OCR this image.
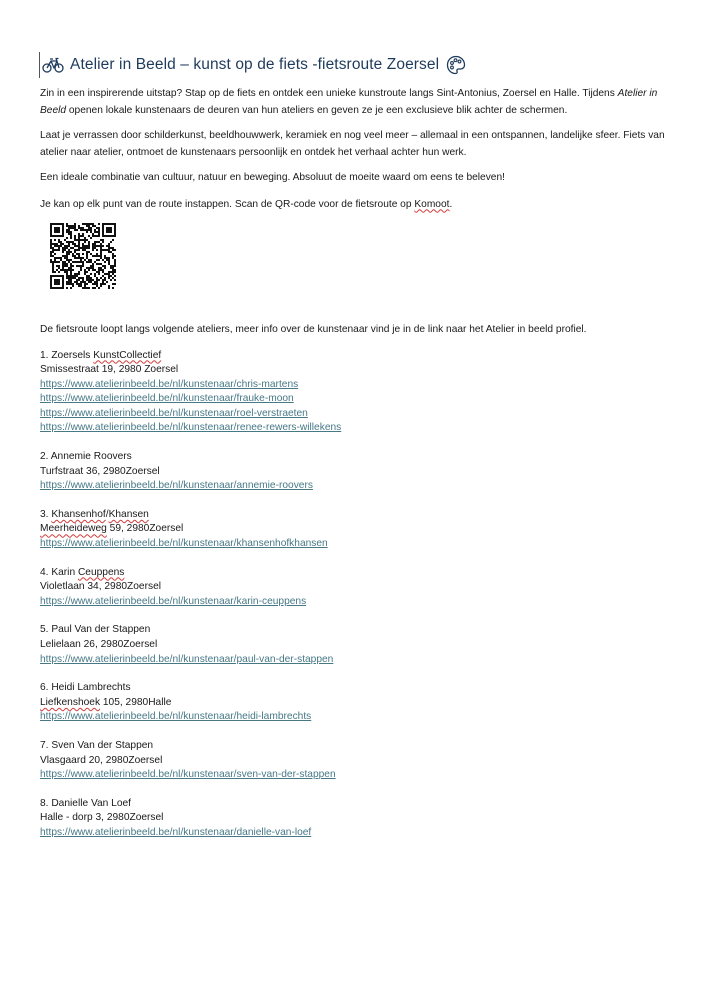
Atelier in Beeld – kunst op de fiets -fietsroute Zoersel

Zin in een inspirerende uitstap? Stap op de fiets en ontdek een unieke kunstroute langs Sint-Antonius, Zoersel en Halle. Tijdens Atelier in Beeld openen lokale kunstenaars de deuren van hun ateliers en geven ze je een exclusieve blik achter de schermen.

Laat je verrassen door schilderkunst, beeldhouwwerk, keramiek en nog veel meer – allemaal in een ontspannen, landelijke sfeer. Fiets van atelier naar atelier, ontmoet de kunstenaars persoonlijk en ontdek het verhaal achter hun werk.

Een ideale combinatie van cultuur, natuur en beweging. Absoluut de moeite waard om eens te beleven!

Je kan op elk punt van de route instappen. Scan de QR-code voor de fietsroute op Komoot.

De fietsroute loopt langs volgende ateliers, meer info over de kunstenaar vind je in de link naar het Atelier in beeld profiel.

1. Zoersels KunstCollectief
Smissestraat 19, 2980 Zoersel
https://www.atelierinbeeld.be/nl/kunstenaar/chris-martens
https://www.atelierinbeeld.be/nl/kunstenaar/frauke-moon
https://www.atelierinbeeld.be/nl/kunstenaar/roel-verstraeten
https://www.atelierinbeeld.be/nl/kunstenaar/renee-rewers-willekens
2. Annemie Roovers
Turfstraat 36, 2980Zoersel
https://www.atelierinbeeld.be/nl/kunstenaar/annemie-roovers
3. Khansenhof/Khansen
Meerheideweg 59, 2980Zoersel
https://www.atelierinbeeld.be/nl/kunstenaar/khansenhofkhansen
4. Karin Ceuppens
Violetlaan 34, 2980Zoersel
https://www.atelierinbeeld.be/nl/kunstenaar/karin-ceuppens
5. Paul Van der Stappen
Lelielaan 26, 2980Zoersel
https://www.atelierinbeeld.be/nl/kunstenaar/paul-van-der-stappen
6. Heidi Lambrechts
Liefkenshoek 105, 2980Halle
https://www.atelierinbeeld.be/nl/kunstenaar/heidi-lambrechts
7. Sven Van der Stappen
Vlasgaard 20, 2980Zoersel
https://www.atelierinbeeld.be/nl/kunstenaar/sven-van-der-stappen
8. Danielle Van Loef
Halle - dorp 3, 2980Zoersel
https://www.atelierinbeeld.be/nl/kunstenaar/danielle-van-loef
